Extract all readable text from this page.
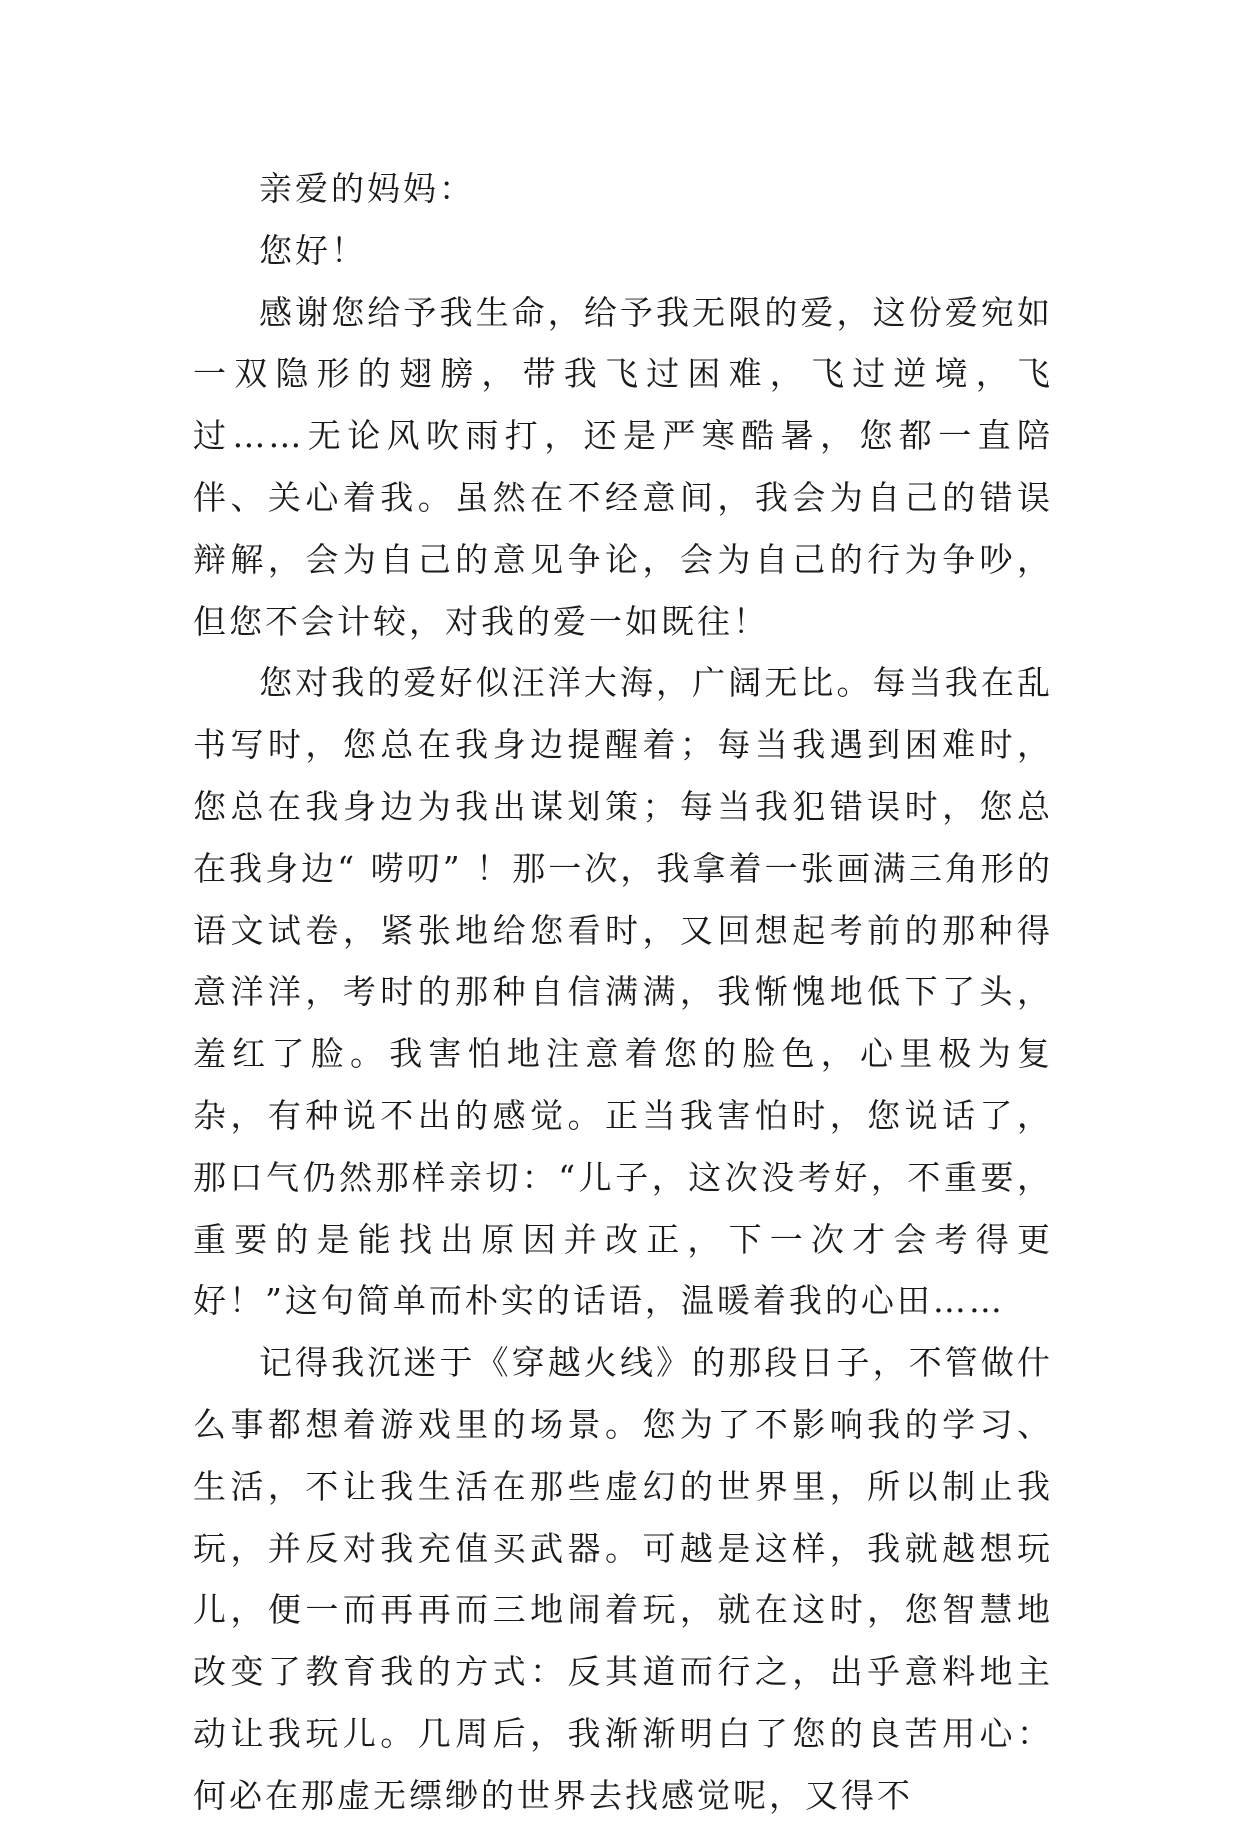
亲爱的妈妈：

您好！

感谢您给予我生命，给予我无限的爱，这份爱宛如一双隐形的翅膀，带我飞过困难，飞过逆境，飞过……无论风吹雨打，还是严寒酷暑，您都一直陪伴、关心着我。虽然在不经意间，我会为自己的错误辩解，会为自己的意见争论，会为自己的行为争吵，但您不会计较，对我的爱一如既往！

您对我的爱好似汪洋大海，广阔无比。每当我在乱书写时，您总在我身边提醒着；每当我遇到困难时，您总在我身边为我出谋划策；每当我犯错误时，您总在我身边“ 唠叨” ！那一次，我拿着一张画满三角形的语文试卷，紧张地给您看时，又回想起考前的那种得意洋洋，考时的那种自信满满，我惭愧地低下了头，羞红了脸。我害怕地注意着您的脸色，心里极为复杂，有种说不出的感觉。正当我害怕时，您说话了，那口气仍然那样亲切：“儿子，这次没考好，不重要，重要的是能找出原因并改正，下一次才会考得更好！”这句简单而朴实的话语，温暖着我的心田……

记得我沉迷于《穿越火线》的那段日子，不管做什么事都想着游戏里的场景。您为了不影响我的学习、生活，不让我生活在那些虚幻的世界里，所以制止我玩，并反对我充值买武器。可越是这样，我就越想玩儿，便一而再再而三地闹着玩，就在这时，您智慧地改变了教育我的方式：反其道而行之，出乎意料地主动让我玩儿。几周后，我渐渐明白了您的良苦用心：何必在那虚无缥缈的世界去找感觉呢，又得不
